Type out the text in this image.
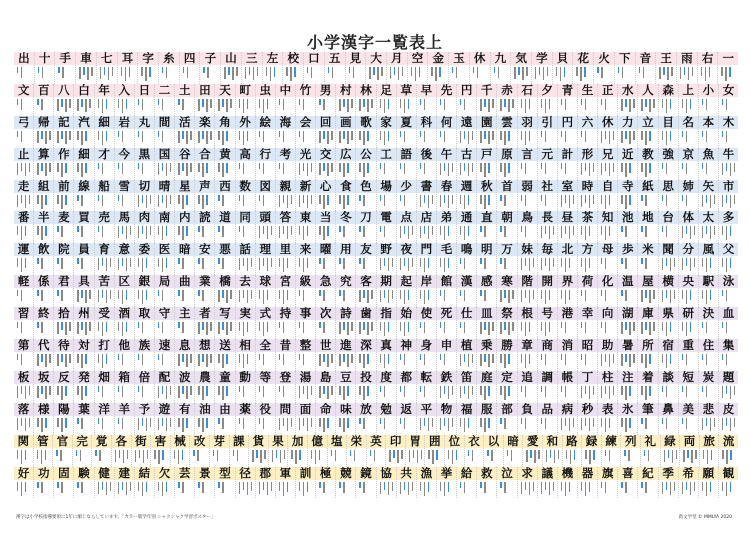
小学漢字一覧表上
出 十 手 車 七 耳 字 糸 四 子 山 三 左 校 口 五 見 大 月 空 金 玉 休 九 気 学 貝 花 火 下 音 王 雨 右 一
文 百 八 白 年 入 日 二 土 田 天 町 虫 中 竹 男 村 林 足 草 早 先 円 千 赤 石 夕 青 生 正 水 人 森 上 小 女
弓 帰 記 汽 細 岩 丸 間 活 楽 角 外 絵 海 会 回 画 歌 家 夏 科 何 遠 園 雲 羽 引 円 六 休 力 立 目 名 本 木
止 算 作 細 才 今 黒 国 谷 合 黄 高 行 考 光 交 広 公 工 語 後 午 古 戸 原 言 元 計 形 兄 近 教 強 京 魚 牛
走 組 前 線 船 雪 切 晴 星 声 西 数 図 親 新 心 食 色 場 少 書 春 週 秋 首 弱 社 室 時 自 寺 紙 思 姉 矢 市
番 半 麦 買 売 馬 肉 南 内 読 道 同 頭 答 東 当 冬 刀 電 点 店 弟 通 直 朝 鳥 長 昼 茶 知 池 地 台 体 太 多
運 飲 院 員 育 意 委 医 暗 安 悪 話 理 里 来 曜 用 友 野 夜 門 毛 鳴 明 万 妹 毎 北 方 母 歩 米 聞 分 風 父
軽 係 君 具 苦 区 銀 局 曲 業 橋 去 球 宮 級 急 究 客 期 起 岸 館 漢 感 寒 階 開 界 荷 化 温 屋 横 央 駅 泳
習 終 拾 州 受 酒 取 守 主 者 写 実 式 持 事 次 詩 歯 指 始 使 死 仕 皿 祭 根 号 港 幸 向 湖 庫 県 研 決 血
第 代 待 対 打 他 族 速 息 想 送 相 全 昔 整 世 進 深 真 神 身 申 植 乗 勝 章 商 消 昭 助 暑 所 宿 重 住 集
板 坂 反 発 畑 箱 倍 配 波 農 童 動 等 登 湯 島 豆 投 度 都 転 鉄 笛 庭 定 追 調 帳 丁 柱 注 着 談 短 炭 題
落 様 陽 葉 洋 羊 予 遊 有 油 由 薬 役 問 面 命 味 放 勉 返 平 物 福 服 部 負 品 病 秒 表 氷 筆 鼻 美 悲 皮
関 管 官 完 覚 各 街 害 械 改 芽 課 貨 果 加 億 塩 栄 英 印 胃 囲 位 衣 以 暗 愛 和 路 録 練 列 礼 緑 両 旅 流
好 功 固 験 健 建 結 欠 芸 景 型 径 郡 軍 訓 極 競 鏡 協 共 漁 挙 給 救 泣 求 議 機 器 旗 喜 紀 季 希 願 観
漢字は小学校指導要領に1年に順じならしています。「カラー版学年別 シャクシャク学習ポスター」	新文学堂 © MMLYA 2020
